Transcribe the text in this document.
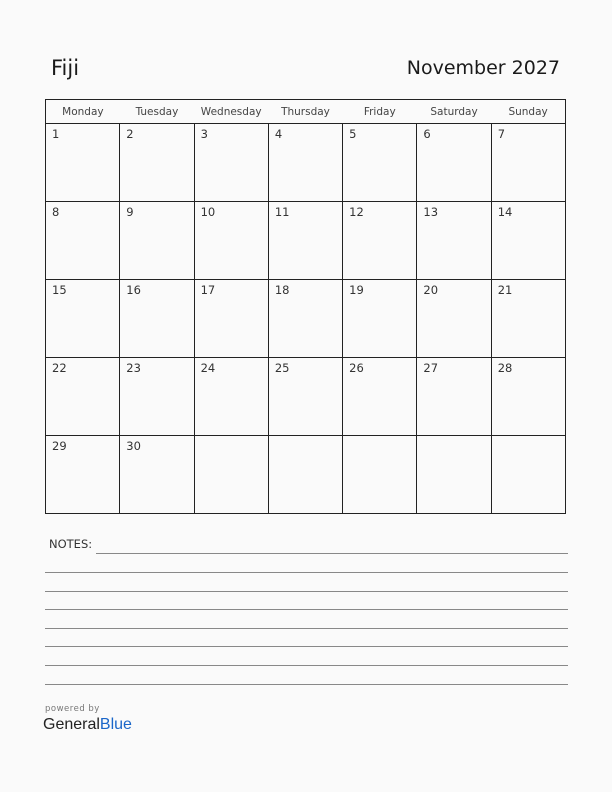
Fiji	November 2027
Monday	Tuesday	Wednesday	Thursday	Friday	Saturday	Sunday

1	2	3	4	5	6	7

8	9	10	11	12	13	14

15	16	17	18	19	20	21

22	23	24	25	26	27	28

29	30					

NOTES:
powered by
GeneralBlue
